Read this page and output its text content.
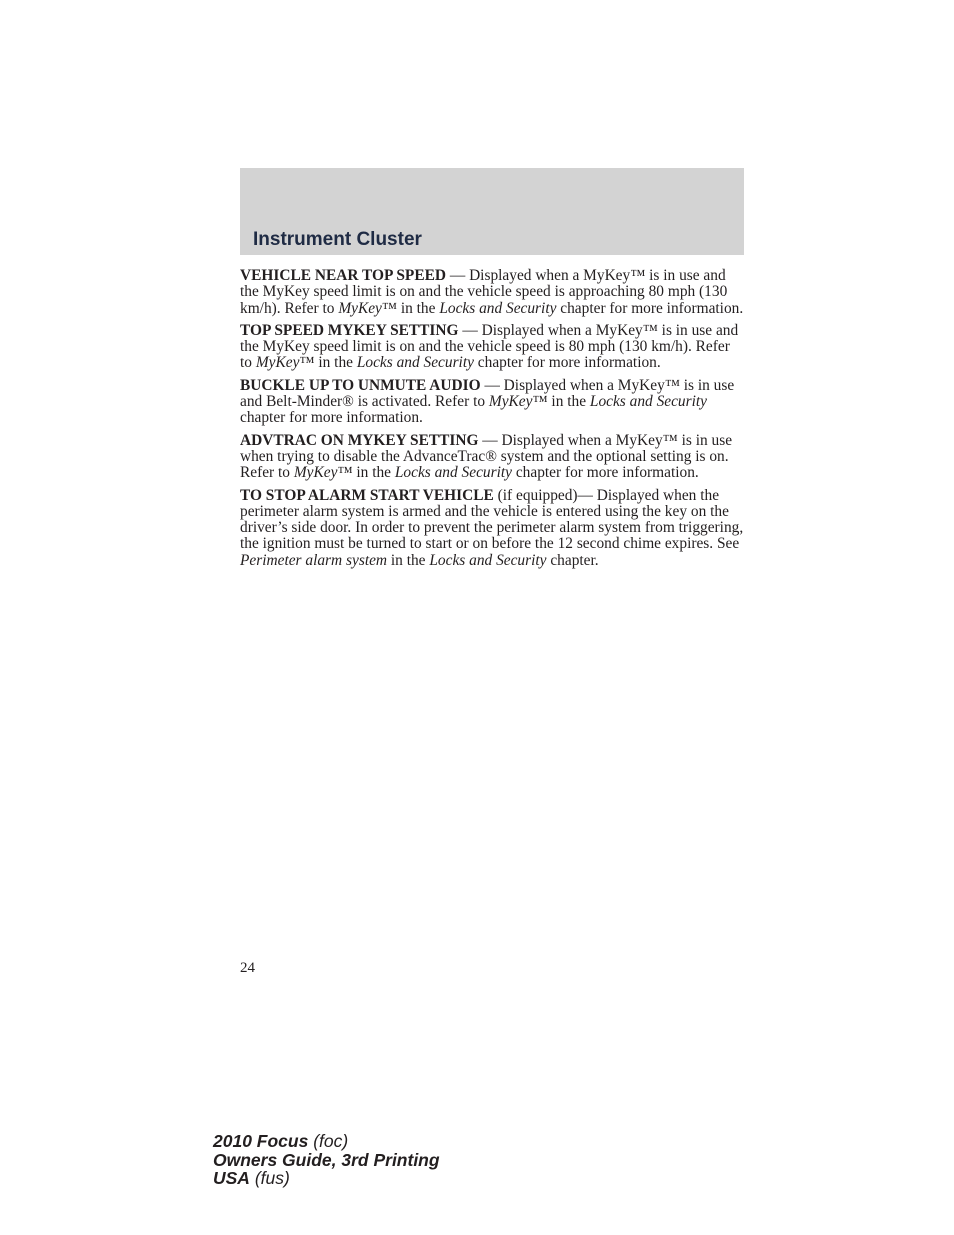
Instrument Cluster

VEHICLE NEAR TOP SPEED — Displayed when a MyKey™ is in use and the MyKey speed limit is on and the vehicle speed is approaching 80 mph (130 km/h). Refer to MyKey™ in the Locks and Security chapter for more information.

TOP SPEED MYKEY SETTING — Displayed when a MyKey™ is in use and the MyKey speed limit is on and the vehicle speed is 80 mph (130 km/h). Refer to MyKey™ in the Locks and Security chapter for more information.

BUCKLE UP TO UNMUTE AUDIO — Displayed when a MyKey™ is in use and Belt-Minder® is activated. Refer to MyKey™ in the Locks and Security chapter for more information.

ADVTRAC ON MYKEY SETTING — Displayed when a MyKey™ is in use when trying to disable the AdvanceTrac® system and the optional setting is on. Refer to MyKey™ in the Locks and Security chapter for more information.

TO STOP ALARM START VEHICLE (if equipped)— Displayed when the perimeter alarm system is armed and the vehicle is entered using the key on the driver’s side door. In order to prevent the perimeter alarm system from triggering, the ignition must be turned to start or on before the 12 second chime expires. See Perimeter alarm system in the Locks and Security chapter.

24
2010 Focus (foc)
Owners Guide, 3rd Printing
USA (fus)
